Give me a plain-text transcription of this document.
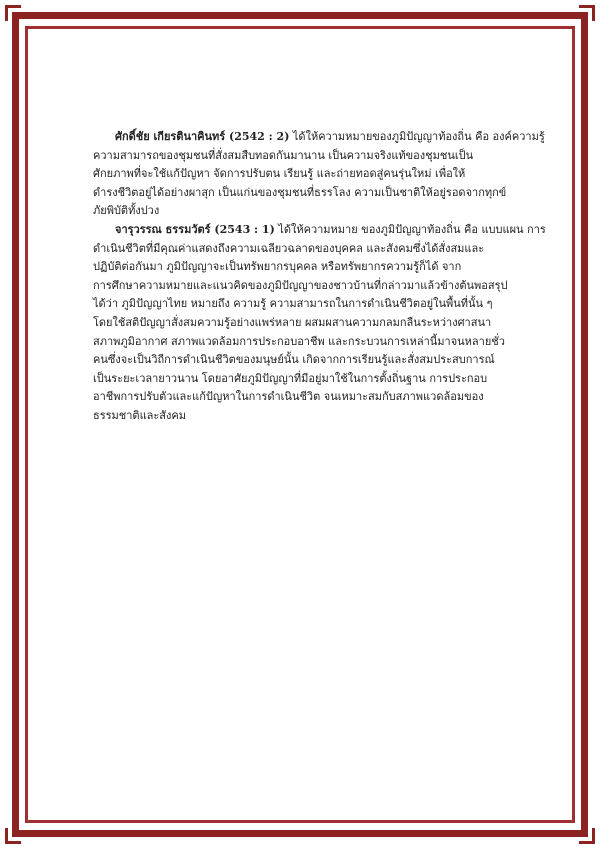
ศักดิ์ชัย เกียรตินาคินทร์ (2542 : 2) ได้ให้ความหมายของภูมิปัญญาท้องถิ่น คือ องค์ความรู้
ความสามารถของชุมชนที่สั่งสมสืบทอดกันมานาน เป็นความจริงแท้ของชุมชนเป็น
ศักยภาพที่จะใช้แก้ปัญหา จัดการปรับตน เรียนรู้ และถ่ายทอดสู่คนรุ่นใหม่ เพื่อให้
ดำรงชีวิตอยู่ได้อย่างผาสุก เป็นแก่นของชุมชนที่ธรรโลง ความเป็นชาติให้อยู่รอดจากทุกข์
ภัยพิบัติทั้งปวง

จารุวรรณ ธรรมวัตร์ (2543 : 1) ได้ให้ความหมาย ของภูมิปัญญาท้องถิ่น คือ แบบแผน การ
ดำเนินชีวิตที่มีคุณค่าแสดงถึงความเฉลียวฉลาดของบุคคล และสังคมซึ่งได้สั่งสมและ
ปฏิบัติต่อกันมา ภูมิปัญญาจะเป็นทรัพยากรบุคคล หรือทรัพยากรความรู้ก็ได้ จาก
การศึกษาความหมายและแนวคิดของภูมิปัญญาของชาวบ้านที่กล่าวมาแล้วข้างต้นพอสรุป
ได้ว่า ภูมิปัญญาไทย หมายถึง ความรู้ ความสามารถในการดำเนินชีวิตอยู่ในพื้นที่นั้น ๆ
โดยใช้สติปัญญาสั่งสมความรู้อย่างแพร่หลาย ผสมผสานความกลมกลืนระหว่างศาสนา
สภาพภูมิอากาศ สภาพแวดล้อมการประกอบอาชีพ และกระบวนการเหล่านี้มาจนหลายชั่ว
คนซึ่งจะเป็นวิถีการดำเนินชีวิตของมนุษย์นั้น เกิดจากการเรียนรู้และสั่งสมประสบการณ์
เป็นระยะเวลายาวนาน โดยอาศัยภูมิปัญญาที่มีอยู่มาใช้ในการตั้งถิ่นฐาน การประกอบ
อาชีพการปรับตัวและแก้ปัญหาในการดำเนินชีวิต จนเหมาะสมกับสภาพแวดล้อมของ
ธรรมชาติและสังคม
